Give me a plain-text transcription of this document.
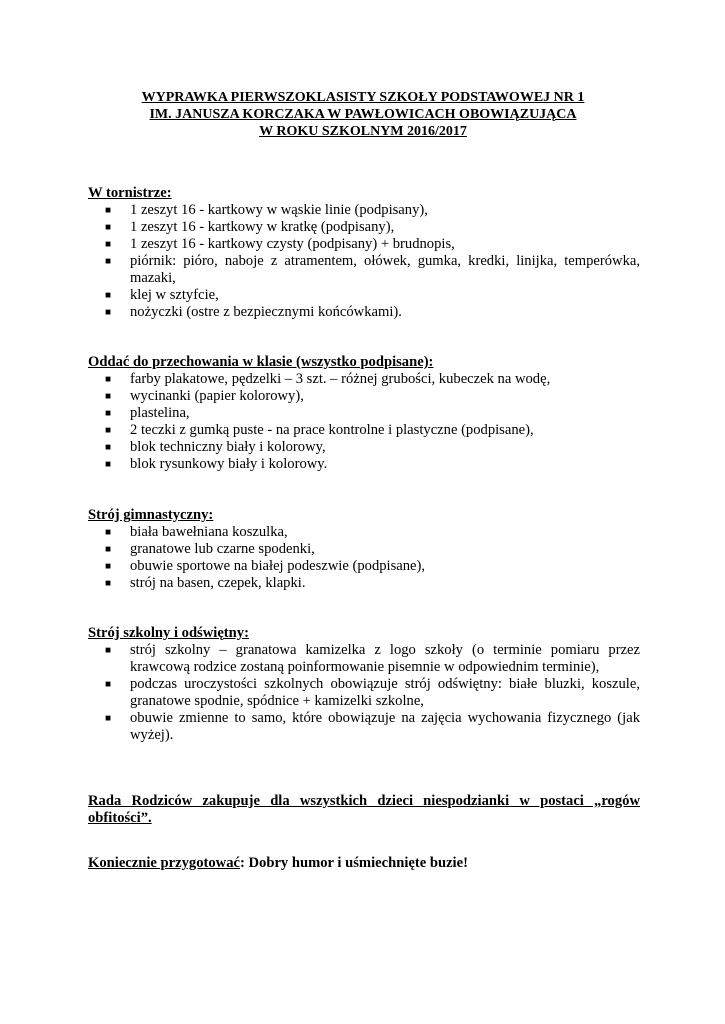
WYPRAWKA PIERWSZOKLASISTY SZKOŁY PODSTAWOWEJ NR 1
IM. JANUSZA KORCZAKA W PAWŁOWICACH OBOWIĄZUJĄCA
W ROKU SZKOLNYM 2016/2017
W tornistrze:
■ 1 zeszyt 16 - kartkowy w wąskie linie (podpisany),
■ 1 zeszyt 16 - kartkowy w kratkę (podpisany),
■ 1 zeszyt 16 - kartkowy czysty (podpisany) + brudnopis,
■ piórnik: pióro, naboje z atramentem, ołówek, gumka, kredki, linijka, temperówka, mazaki,
■ klej w sztyfcie,
■ nożyczki (ostre z bezpiecznymi końcówkami).
Oddać do przechowania w klasie (wszystko podpisane):
■ farby plakatowe, pędzelki – 3 szt. – różnej grubości, kubeczek na wodę,
■ wycinanki (papier kolorowy),
■ plastelina,
■ 2 teczki z gumką puste - na prace kontrolne i plastyczne (podpisane),
■ blok techniczny biały i kolorowy,
■ blok rysunkowy biały i kolorowy.
Strój gimnastyczny:
■ biała bawełniana koszulka,
■ granatowe lub czarne spodenki,
■ obuwie sportowe na białej podeszwie (podpisane),
■ strój na basen, czepek, klapki.
Strój szkolny i odświętny:
■ strój szkolny – granatowa kamizelka z logo szkoły (o terminie pomiaru przez krawcową rodzice zostaną poinformowanie pisemnie w odpowiednim terminie),
■ podczas uroczystości szkolnych obowiązuje strój odświętny: białe bluzki, koszule, granatowe spodnie, spódnice + kamizelki szkolne,
■ obuwie zmienne to samo, które obowiązuje na zajęcia wychowania fizycznego (jak wyżej).
Rada Rodziców zakupuje dla wszystkich dzieci niespodzianki w postaci „rogów
obfitości”.
Koniecznie przygotować: Dobry humor i uśmiechnięte buzie!
